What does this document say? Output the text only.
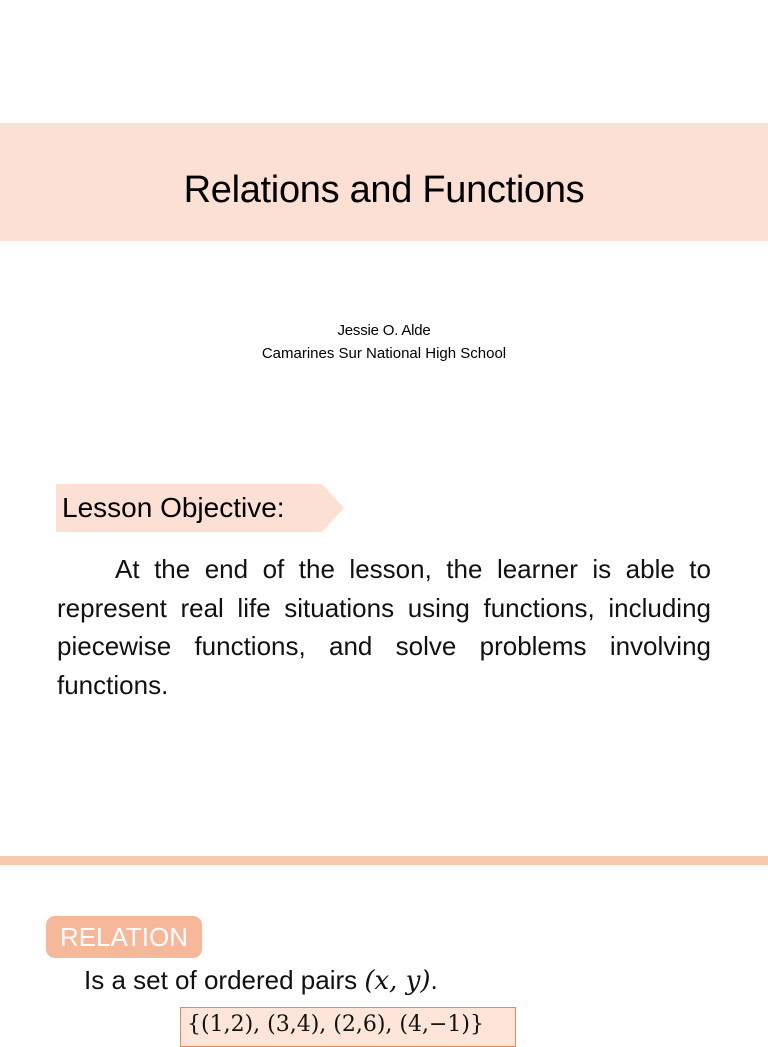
Relations and Functions
Jessie O. Alde
Camarines Sur National High School
Lesson Objective:
At the end of the lesson, the learner is able to represent real life situations using functions, including piecewise functions, and solve problems involving functions.
RELATION
Is a set of ordered pairs (x, y).
{(1,2), (3,4), (2,6), (4,−1)}
